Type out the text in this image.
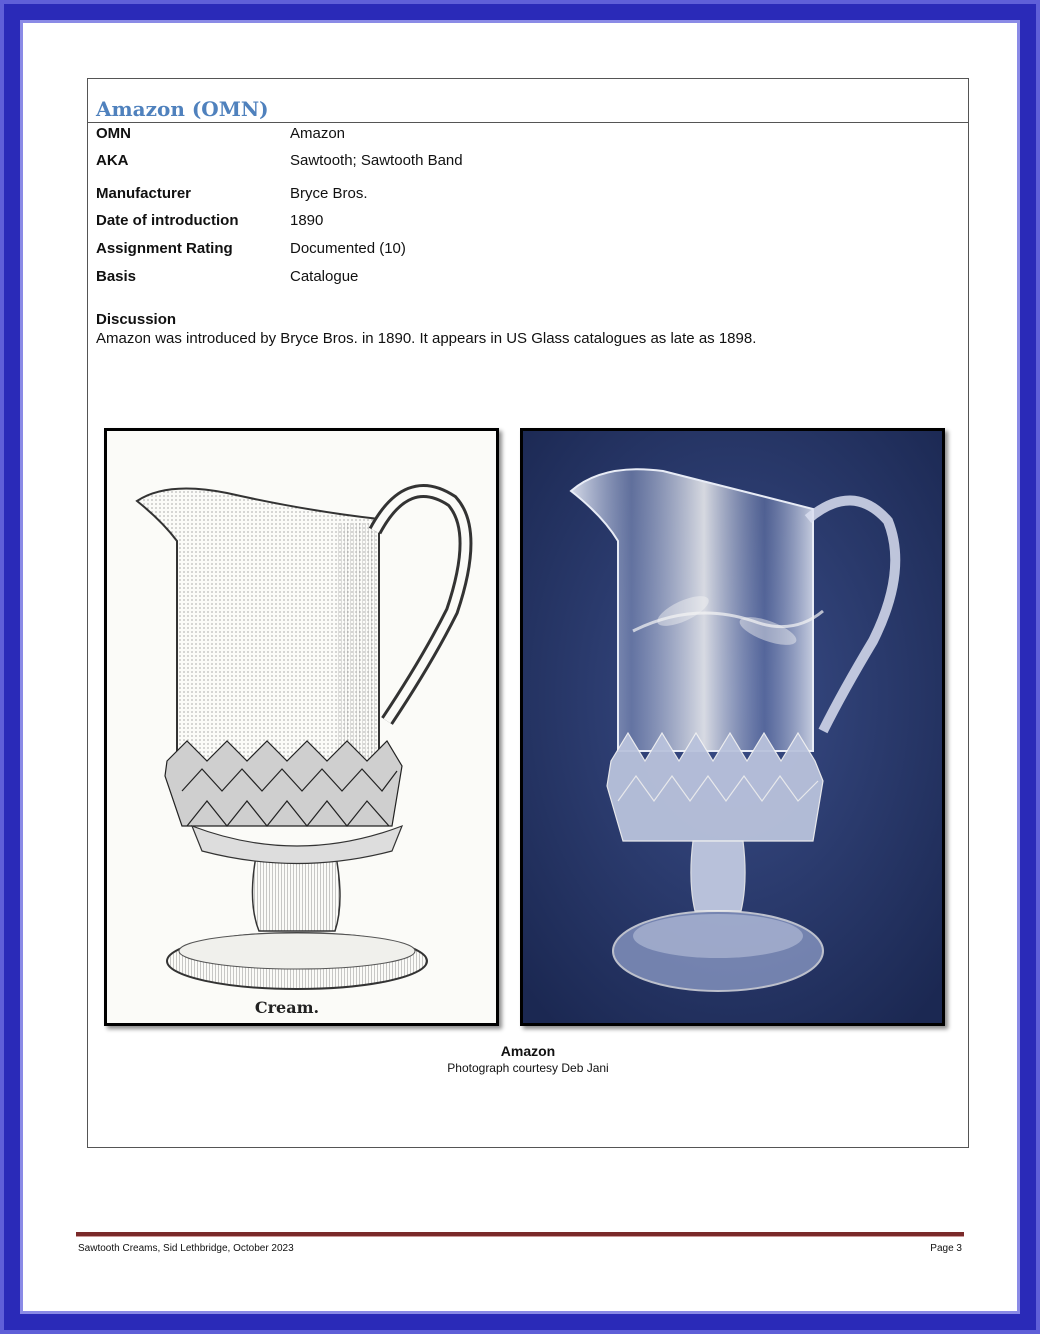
Amazon (OMN)
OMN	Amazon
AKA	Sawtooth; Sawtooth Band
Manufacturer	Bryce Bros.
Date of introduction	1890
Assignment Rating	Documented (10)
Basis	Catalogue
Discussion
Amazon was introduced by Bryce Bros. in 1890. It appears in US Glass catalogues as late as 1898.
Cream.
Amazon
Photograph courtesy Deb Jani
Sawtooth Creams, Sid Lethbridge, October 2023	Page 3
